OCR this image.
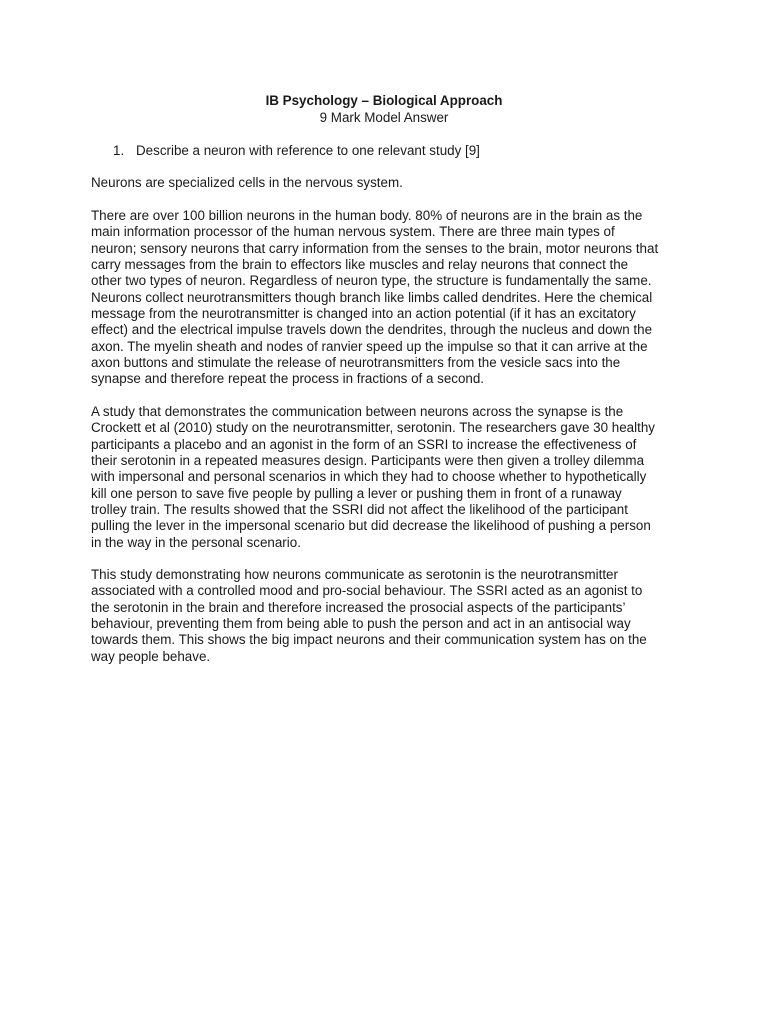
IB Psychology – Biological Approach
9 Mark Model Answer
1. Describe a neuron with reference to one relevant study [9]
Neurons are specialized cells in the nervous system.
There are over 100 billion neurons in the human body. 80% of neurons are in the brain as the
main information processor of the human nervous system. There are three main types of
neuron; sensory neurons that carry information from the senses to the brain, motor neurons that
carry messages from the brain to effectors like muscles and relay neurons that connect the
other two types of neuron. Regardless of neuron type, the structure is fundamentally the same.
Neurons collect neurotransmitters though branch like limbs called dendrites. Here the chemical
message from the neurotransmitter is changed into an action potential (if it has an excitatory
effect) and the electrical impulse travels down the dendrites, through the nucleus and down the
axon. The myelin sheath and nodes of ranvier speed up the impulse so that it can arrive at the
axon buttons and stimulate the release of neurotransmitters from the vesicle sacs into the
synapse and therefore repeat the process in fractions of a second.
A study that demonstrates the communication between neurons across the synapse is the
Crockett et al (2010) study on the neurotransmitter, serotonin. The researchers gave 30 healthy
participants a placebo and an agonist in the form of an SSRI to increase the effectiveness of
their serotonin in a repeated measures design. Participants were then given a trolley dilemma
with impersonal and personal scenarios in which they had to choose whether to hypothetically
kill one person to save five people by pulling a lever or pushing them in front of a runaway
trolley train. The results showed that the SSRI did not affect the likelihood of the participant
pulling the lever in the impersonal scenario but did decrease the likelihood of pushing a person
in the way in the personal scenario.
This study demonstrating how neurons communicate as serotonin is the neurotransmitter
associated with a controlled mood and pro-social behaviour. The SSRI acted as an agonist to
the serotonin in the brain and therefore increased the prosocial aspects of the participants’
behaviour, preventing them from being able to push the person and act in an antisocial way
towards them. This shows the big impact neurons and their communication system has on the
way people behave.
